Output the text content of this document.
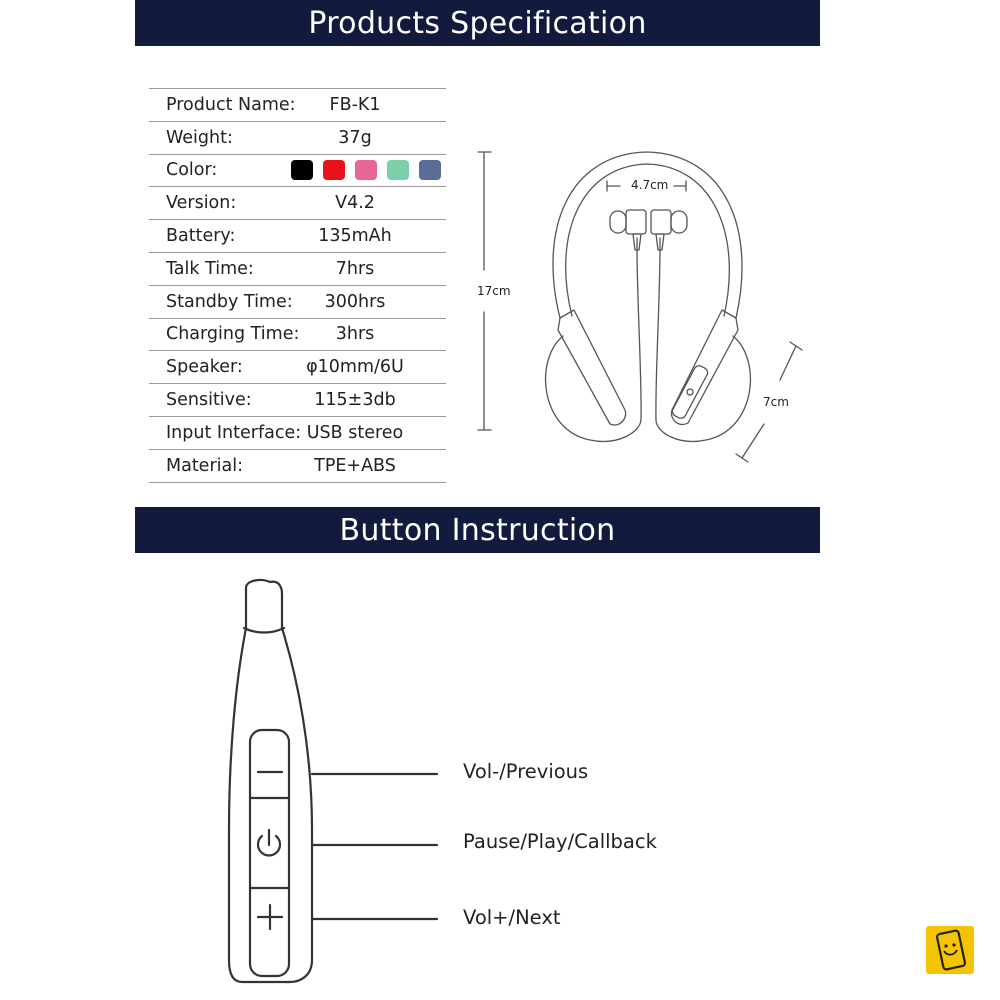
Products Specification
Button Instruction
Product Name:	FB-K1
Weight:	37g
Color:
Version:	V4.2
Battery:	135mAh
Talk Time:	7hrs
Standby Time:	300hrs
Charging Time:	3hrs
Speaker:	φ10mm/6U
Sensitive:	115±3db
Input Interface: USB stereo
Material:	TPE+ABS
4.7cm
17cm
7cm
Vol-/Previous
Pause/Play/Callback
Vol+/Next
